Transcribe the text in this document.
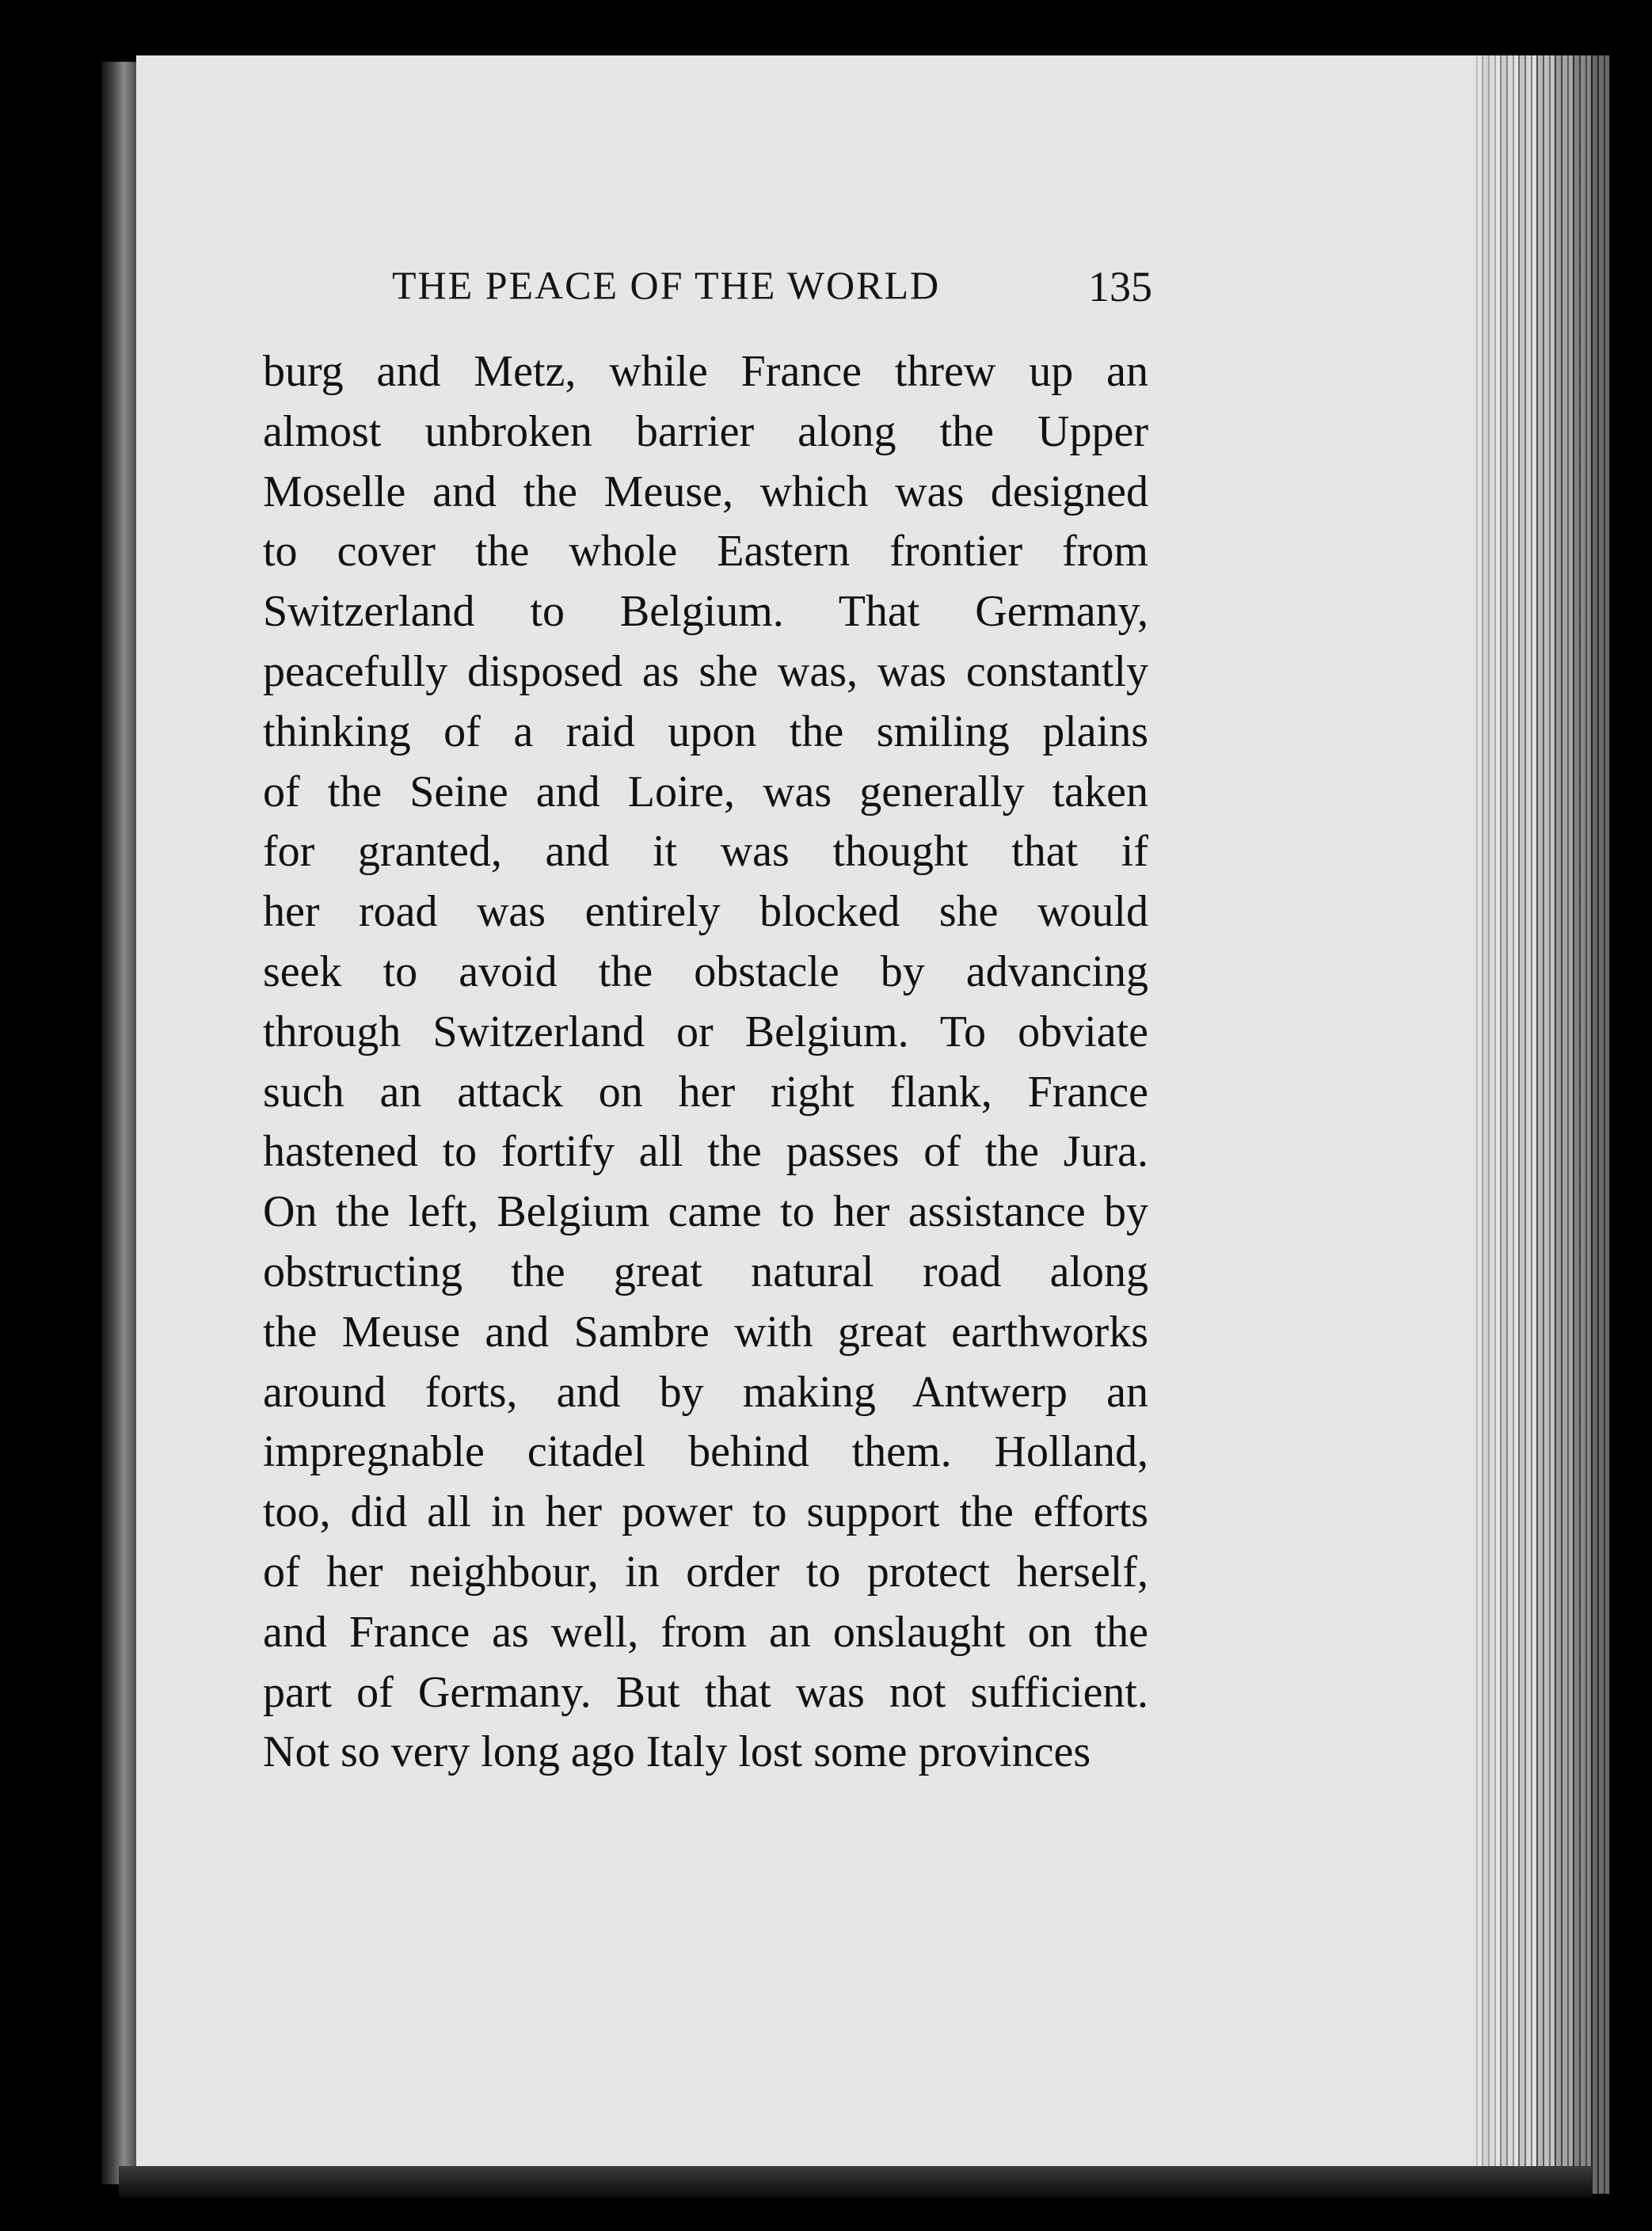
THE PEACE OF THE WORLD	135
burg and Metz, while France threw up an
almost unbroken barrier along the Upper
Moselle and the Meuse, which was designed
to cover the whole Eastern frontier from
Switzerland to Belgium. That Germany,
peacefully disposed as she was, was constantly
thinking of a raid upon the smiling plains
of the Seine and Loire, was generally taken
for granted, and it was thought that if
her road was entirely blocked she would
seek to avoid the obstacle by advancing
through Switzerland or Belgium. To obviate
such an attack on her right flank, France
hastened to fortify all the passes of the Jura.
On the left, Belgium came to her assistance by
obstructing the great natural road along
the Meuse and Sambre with great earthworks
around forts, and by making Antwerp an
impregnable citadel behind them. Holland,
too, did all in her power to support the efforts
of her neighbour, in order to protect herself,
and France as well, from an onslaught on the
part of Germany. But that was not sufficient.
Not so very long ago Italy lost some provinces
